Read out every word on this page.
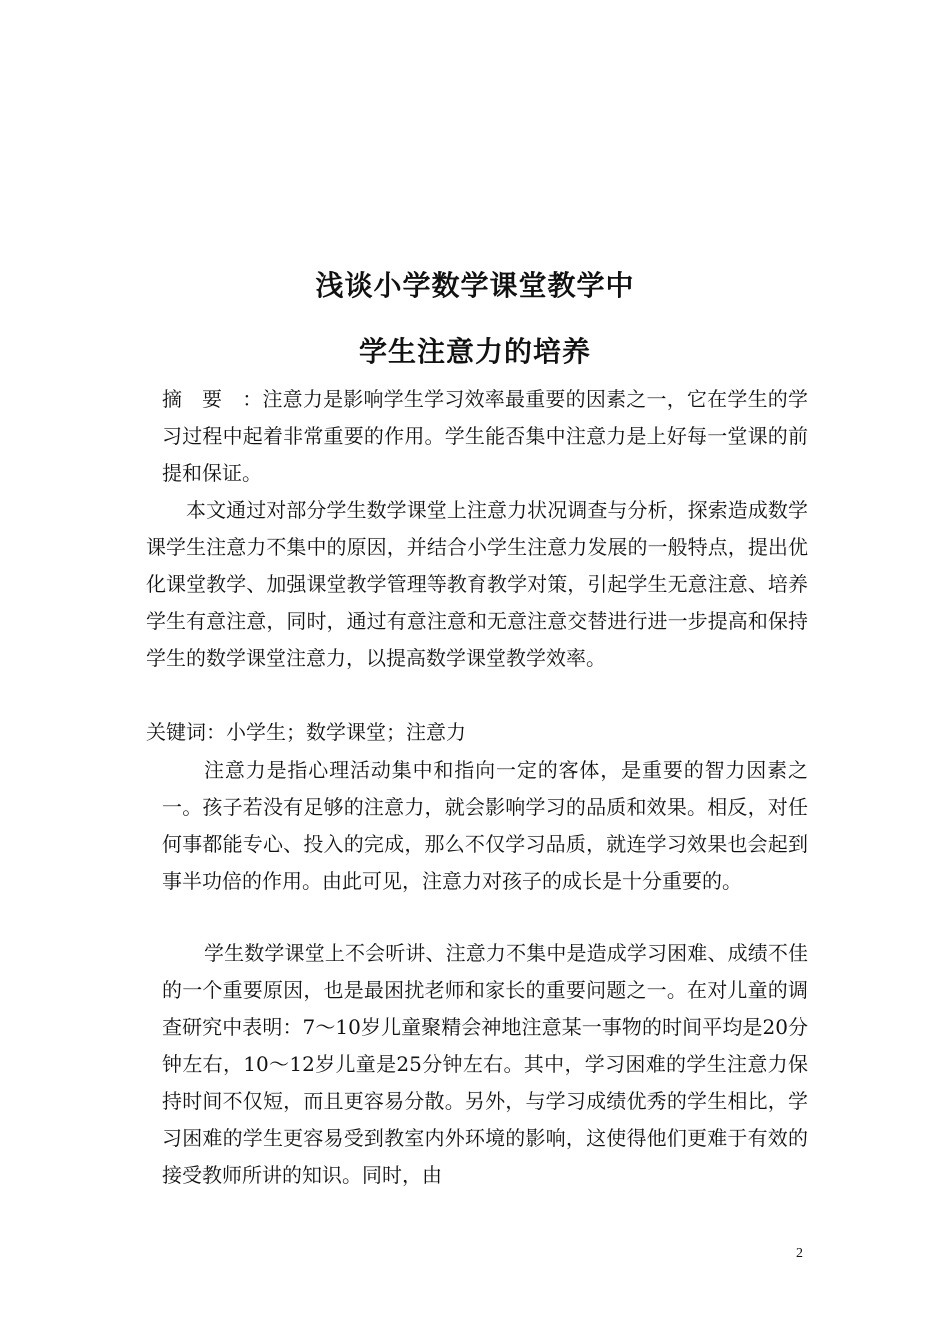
浅谈小学数学课堂教学中
学生注意力的培养

摘要：注意力是影响学生学习效率最重要的因素之一，它在学生的学习过程中起着非常重要的作用。学生能否集中注意力是上好每一堂课的前提和保证。

本文通过对部分学生数学课堂上注意力状况调查与分析，探索造成数学课学生注意力不集中的原因，并结合小学生注意力发展的一般特点，提出优化课堂教学、加强课堂教学管理等教育教学对策，引起学生无意注意、培养学生有意注意，同时，通过有意注意和无意注意交替进行进一步提高和保持学生的数学课堂注意力，以提高数学课堂教学效率。

关键词：小学生；数学课堂；注意力

注意力是指心理活动集中和指向一定的客体，是重要的智力因素之一。孩子若没有足够的注意力，就会影响学习的品质和效果。相反，对任何事都能专心、投入的完成，那么不仅学习品质，就连学习效果也会起到事半功倍的作用。由此可见，注意力对孩子的成长是十分重要的。

学生数学课堂上不会听讲、注意力不集中是造成学习困难、成绩不佳的一个重要原因，也是最困扰老师和家长的重要问题之一。在对儿童的调查研究中表明：7～10岁儿童聚精会神地注意某一事物的时间平均是20分钟左右，10～12岁儿童是25分钟左右。其中，学习困难的学生注意力保持时间不仅短，而且更容易分散。另外，与学习成绩优秀的学生相比，学习困难的学生更容易受到教室内外环境的影响，这使得他们更难于有效的接受教师所讲的知识。同时，由

2
